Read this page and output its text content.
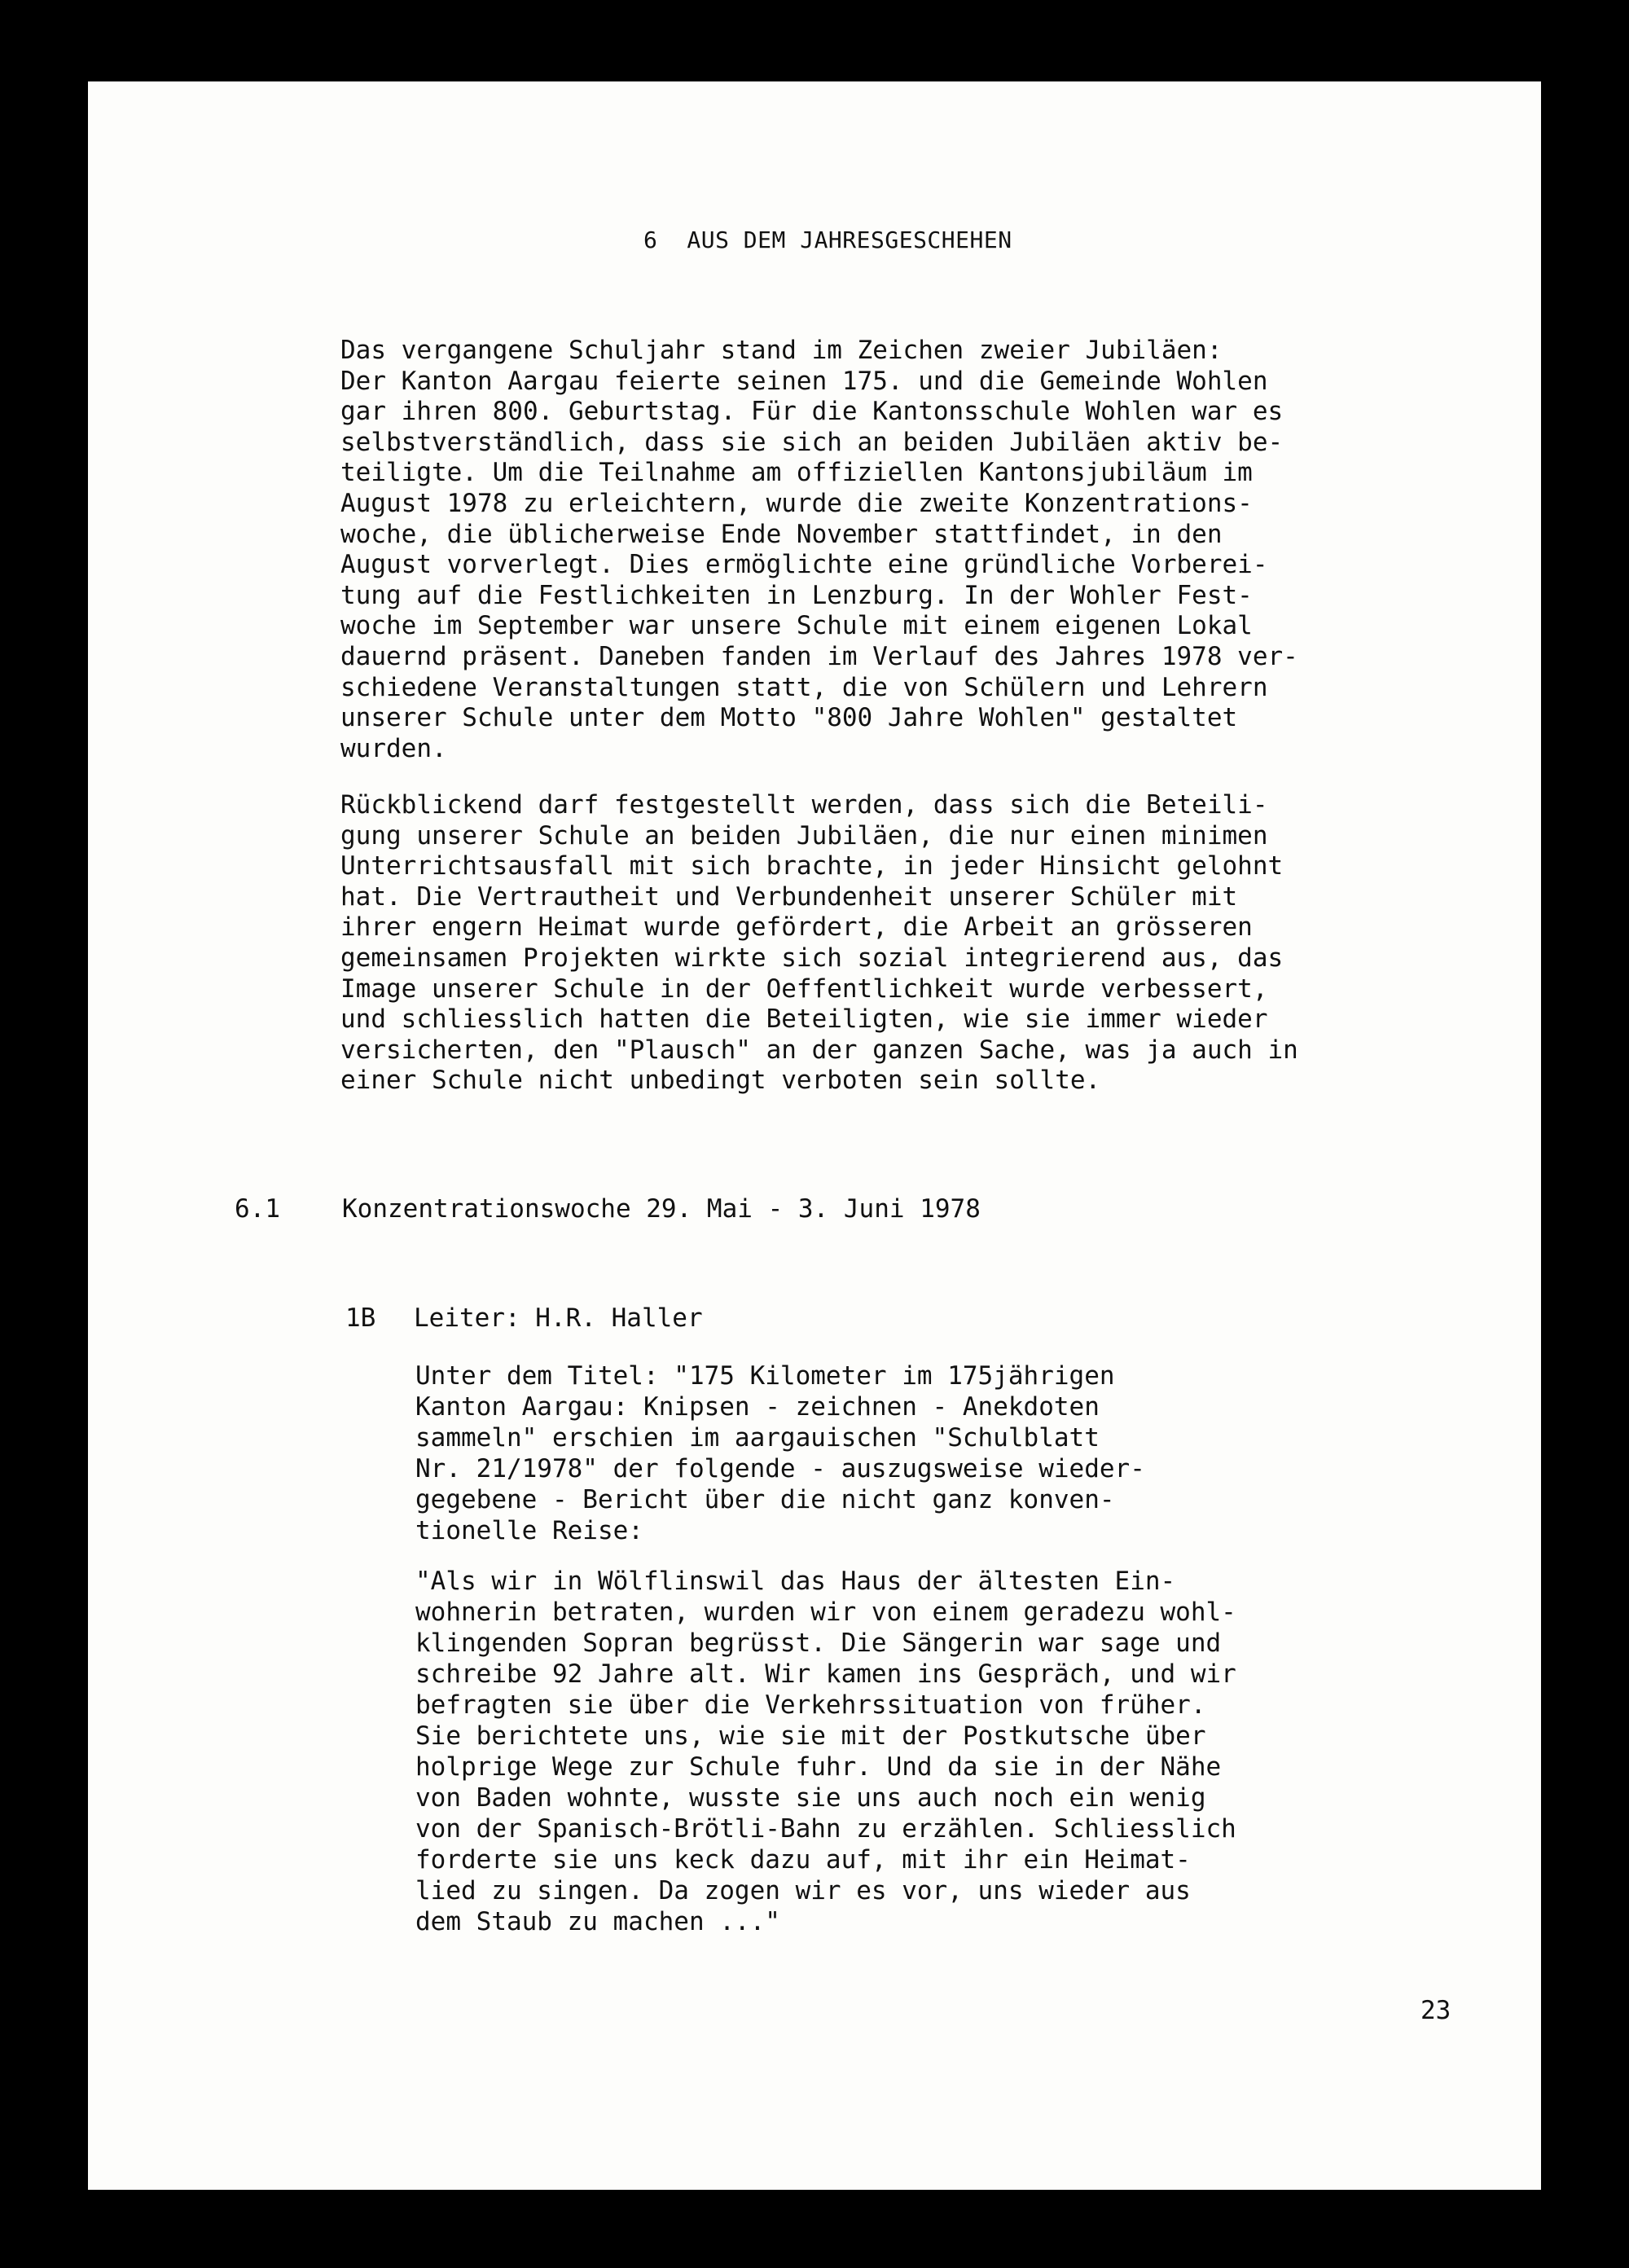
6 AUS DEM JAHRESGESCHEHEN

Das vergangene Schuljahr stand im Zeichen zweier Jubiläen:
Der Kanton Aargau feierte seinen 175. und die Gemeinde Wohlen
gar ihren 800. Geburtstag. Für die Kantonsschule Wohlen war es
selbstverständlich, dass sie sich an beiden Jubiläen aktiv be-
teiligte. Um die Teilnahme am offiziellen Kantonsjubiläum im
August 1978 zu erleichtern, wurde die zweite Konzentrations-
woche, die üblicherweise Ende November stattfindet, in den
August vorverlegt. Dies ermöglichte eine gründliche Vorberei-
tung auf die Festlichkeiten in Lenzburg. In der Wohler Fest-
woche im September war unsere Schule mit einem eigenen Lokal
dauernd präsent. Daneben fanden im Verlauf des Jahres 1978 ver-
schiedene Veranstaltungen statt, die von Schülern und Lehrern
unserer Schule unter dem Motto "800 Jahre Wohlen" gestaltet
wurden.

Rückblickend darf festgestellt werden, dass sich die Beteili-
gung unserer Schule an beiden Jubiläen, die nur einen minimen
Unterrichtsausfall mit sich brachte, in jeder Hinsicht gelohnt
hat. Die Vertrautheit und Verbundenheit unserer Schüler mit
ihrer engern Heimat wurde gefördert, die Arbeit an grösseren
gemeinsamen Projekten wirkte sich sozial integrierend aus, das
Image unserer Schule in der Oeffentlichkeit wurde verbessert,
und schliesslich hatten die Beteiligten, wie sie immer wieder
versicherten, den "Plausch" an der ganzen Sache, was ja auch in
einer Schule nicht unbedingt verboten sein sollte.

6.1 Konzentrationswoche 29. Mai - 3. Juni 1978
1B Leiter: H.R. Haller

Unter dem Titel: "175 Kilometer im 175jährigen
Kanton Aargau: Knipsen - zeichnen - Anekdoten
sammeln" erschien im aargauischen "Schulblatt
Nr. 21/1978" der folgende - auszugsweise wieder-
gegebene - Bericht über die nicht ganz konven-
tionelle Reise:

"Als wir in Wölflinswil das Haus der ältesten Ein-
wohnerin betraten, wurden wir von einem geradezu wohl-
klingenden Sopran begrüsst. Die Sängerin war sage und
schreibe 92 Jahre alt. Wir kamen ins Gespräch, und wir
befragten sie über die Verkehrssituation von früher.
Sie berichtete uns, wie sie mit der Postkutsche über
holprige Wege zur Schule fuhr. Und da sie in der Nähe
von Baden wohnte, wusste sie uns auch noch ein wenig
von der Spanisch-Brötli-Bahn zu erzählen. Schliesslich
forderte sie uns keck dazu auf, mit ihr ein Heimat-
lied zu singen. Da zogen wir es vor, uns wieder aus
dem Staub zu machen ..."

23
